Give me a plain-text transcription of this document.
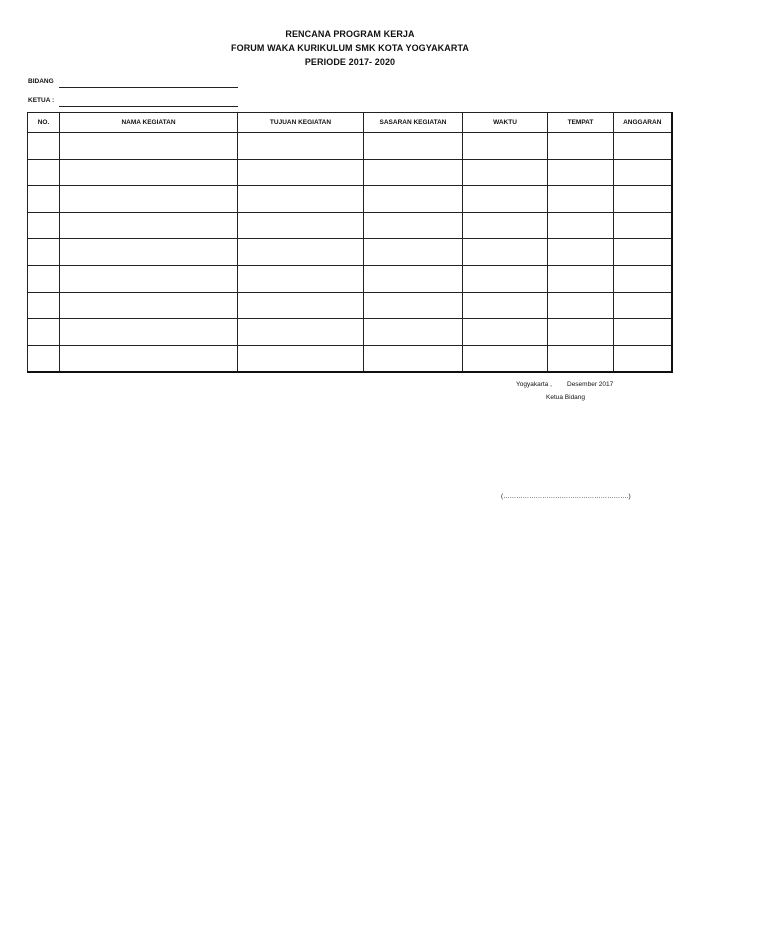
RENCANA PROGRAM KERJA
FORUM WAKA KURIKULUM SMK KOTA YOGYAKARTA
PERIODE 2017- 2020
BIDANG
KETUA :
NO.	NAMA KEGIATAN	TUJUAN KEGIATAN	SASARAN KEGIATAN	WAKTU	TEMPAT	ANGGARAN

Yogyakarta , Desember 2017
Ketua Bidang
(………………………………………………….)
